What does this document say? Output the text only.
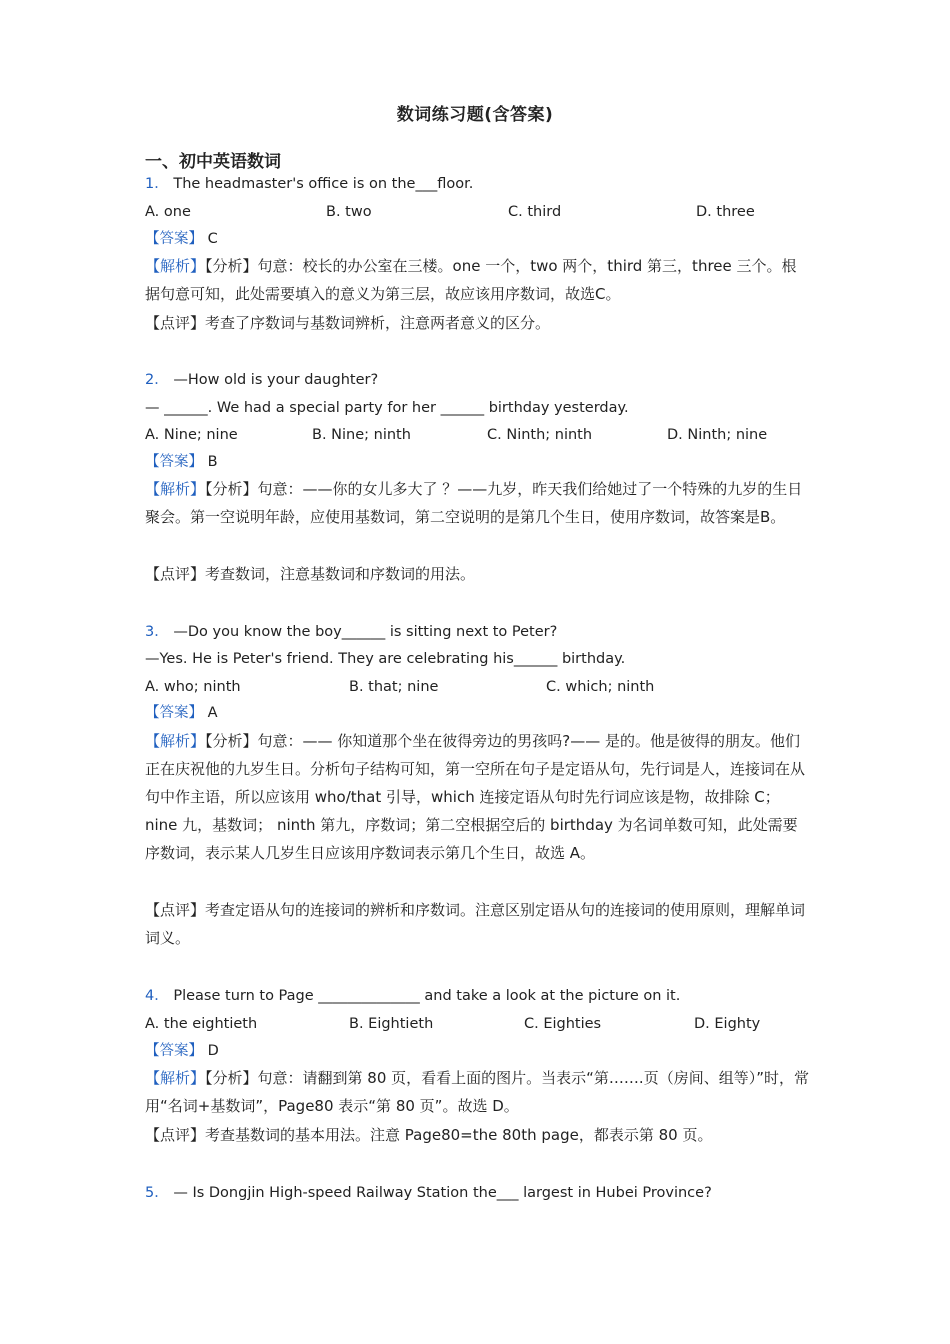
数词练习题(含答案)
一、初中英语数词
1． The headmaster's office is on the___floor.
A. one	B. two	C. third	D. three
【答案】 C
【解析】【分析】句意：校长的办公室在三楼。one 一个，two 两个，third 第三，three 三个。根据句意可知，此处需要填入的意义为第三层，故应该用序数词，故选C。
【点评】考查了序数词与基数词辨析，注意两者意义的区分。
2． —How old is your daughter?
— ______. We had a special party for her ______ birthday yesterday.
A. Nine; nine	B. Nine; ninth	C. Ninth; ninth	D. Ninth; nine
【答案】 B
【解析】【分析】句意：——你的女儿多大了 ？——九岁，昨天我们给她过了一个特殊的九岁的生日聚会。第一空说明年龄，应使用基数词，第二空说明的是第几个生日，使用序数词，故答案是B。
【点评】考查数词，注意基数词和序数词的用法。
3． —Do you know the boy______ is sitting next to Peter?
—Yes. He is Peter's friend. They are celebrating his______ birthday.
A. who; ninth	B. that; nine	C. which; ninth
【答案】 A
【解析】【分析】句意：—— 你知道那个坐在彼得旁边的男孩吗?—— 是的。他是彼得的朋友。他们正在庆祝他的九岁生日。分析句子结构可知，第一空所在句子是定语从句，先行词是人，连接词在从句中作主语，所以应该用 who/that 引导，which 连接定语从句时先行词应该是物，故排除 C；nine 九，基数词； ninth 第九，序数词；第二空根据空后的 birthday 为名词单数可知，此处需要序数词，表示某人几岁生日应该用序数词表示第几个生日，故选 A。
【点评】考查定语从句的连接词的辨析和序数词。注意区别定语从句的连接词的使用原则，理解单词词义。
4． Please turn to Page ______________ and take a look at the picture on it.
A. the eightieth	B. Eightieth	C. Eighties	D. Eighty
【答案】 D
【解析】【分析】句意：请翻到第 80 页，看看上面的图片。当表示“第…….页（房间、组等）”时，常用“名词+基数词”，Page80 表示“第 80 页”。故选 D。
【点评】考查基数词的基本用法。注意 Page80=the 80th page，都表示第 80 页。
5． — Is Dongjin High-speed Railway Station the___ largest in Hubei Province?
